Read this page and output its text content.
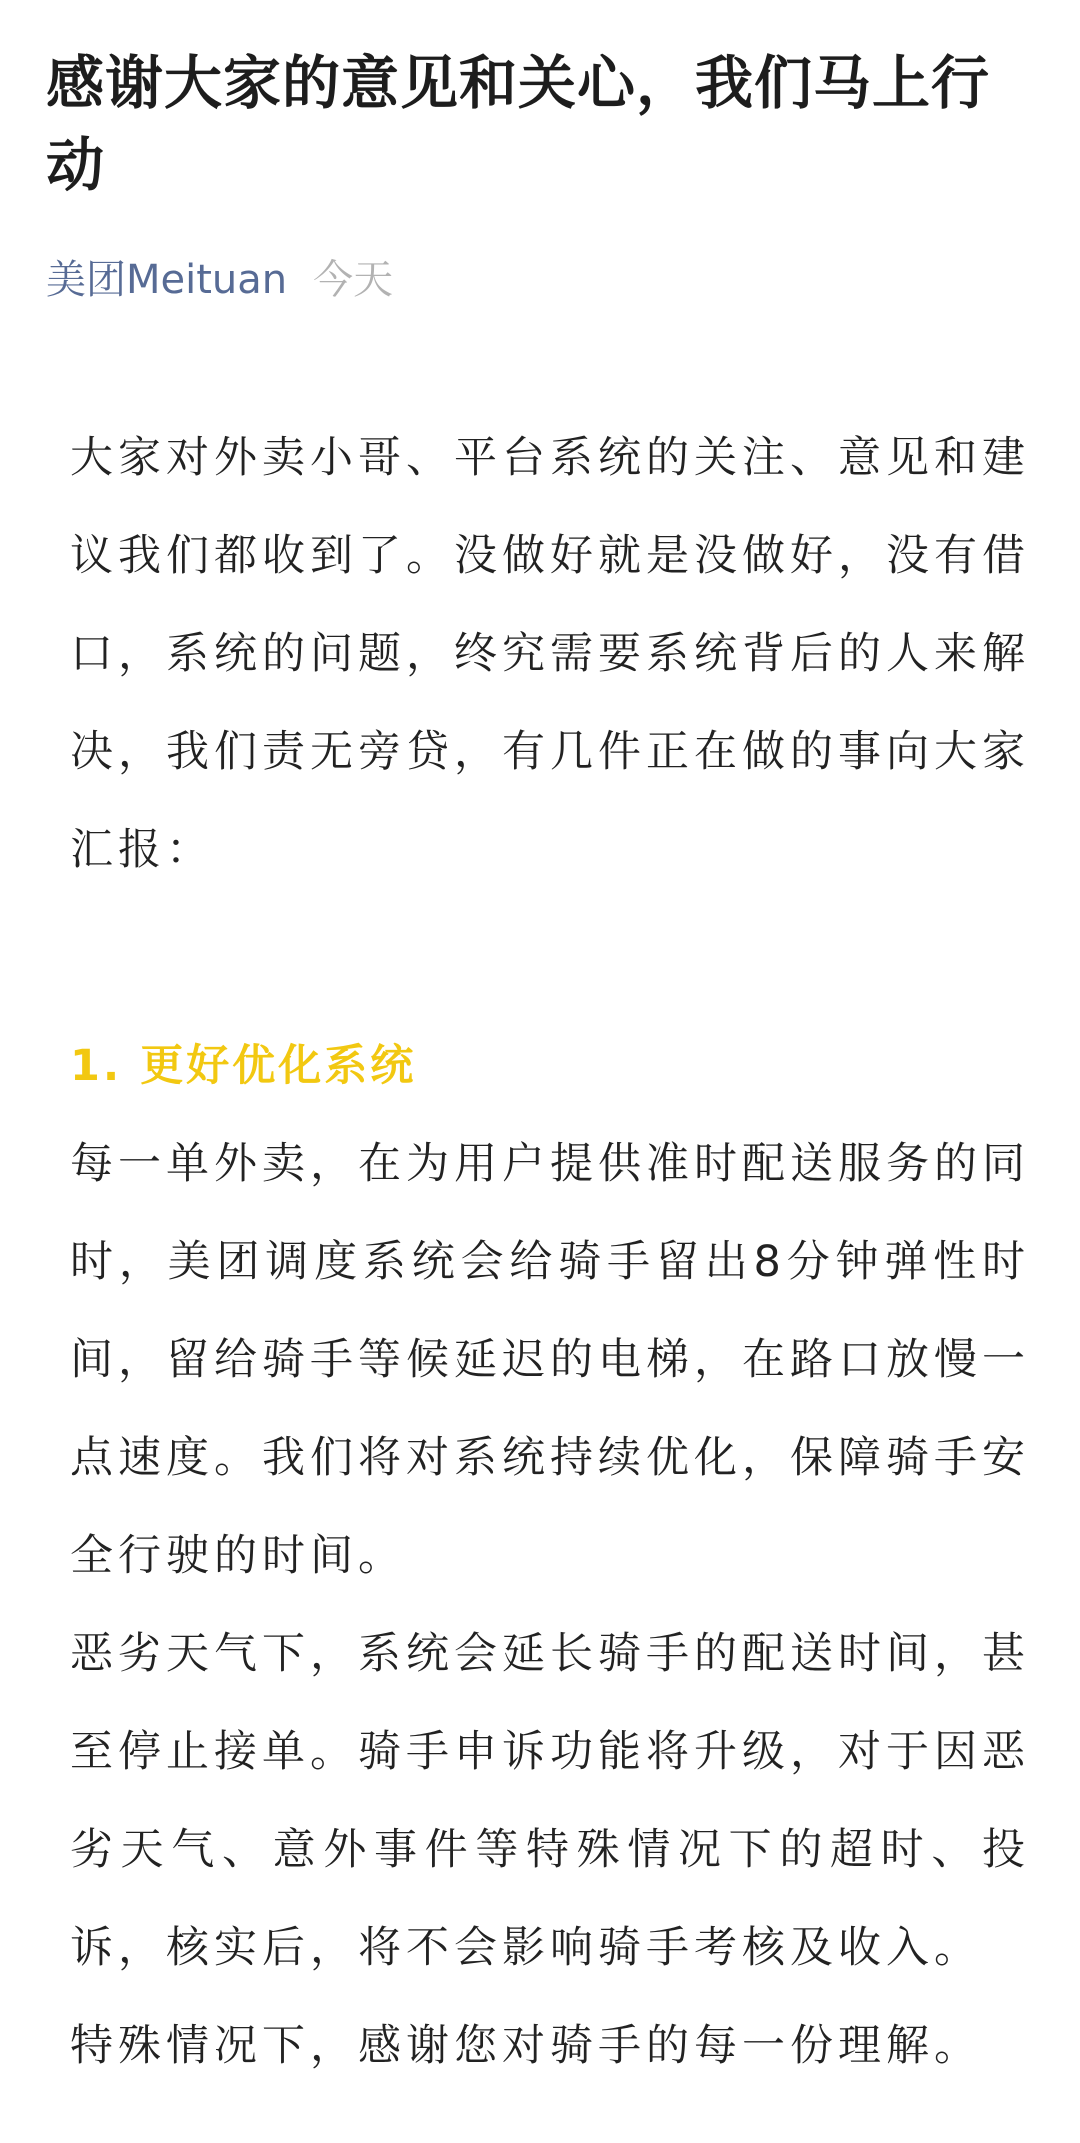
感谢大家的意见和关心，我们马上行动
美团Meituan 今天

大家对外卖小哥、平台系统的关注、意见和建议我们都收到了。没做好就是没做好，没有借口，系统的问题，终究需要系统背后的人来解决，我们责无旁贷，有几件正在做的事向大家汇报：

1. 更好优化系统

每一单外卖，在为用户提供准时配送服务的同时，美团调度系统会给骑手留出8分钟弹性时间，留给骑手等候延迟的电梯，在路口放慢一点速度。我们将对系统持续优化，保障骑手安全行驶的时间。

恶劣天气下，系统会延长骑手的配送时间，甚至停止接单。骑手申诉功能将升级，对于因恶劣天气、意外事件等特殊情况下的超时、投诉，核实后，将不会影响骑手考核及收入。

特殊情况下，感谢您对骑手的每一份理解。
